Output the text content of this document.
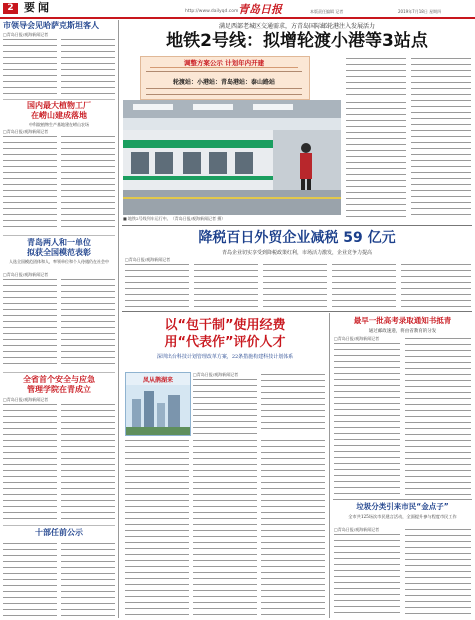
2 要闻	http://www.dailyqd.com 青岛日报	本版责任编辑 记者	2019年7月18日 星期四
市领导会见哈萨克斯坦客人
□青岛日报/观海新闻记者
国内最大植物工厂
在崂山建成落地
中科院植物生产基地建在崂山农场
□青岛日报/观海新闻记者
青岛两人和一单位
拟获全国模范表彰
人选全国模范团体和人，率领单位和个人待遇仍在社会中
□青岛日报/观海新闻记者
全省首个安全与应急
管理学院在青成立
□青岛日报/观海新闻记者
十部任前公示
满足西部老城区交通需求，方青岛国际邮轮港注入发展活力
地铁2号线：拟增轮渡小港等3站点
调整方案公示 计划年内开建
轮渡站：小港站：青岛港站：泰山路站
■ 地铁2号线列车运行中。（青岛日报/观海新闻记者 摄）
降税百日外贸企业减税 59 亿元
青岛企业切实享受到降税政策红利，市场活力激发，企业竞争力提高
□青岛日报/观海新闻记者
以“包干制”使用经费
用“代表作”评价人才
深圳出台科技计划管理改革方案，22条措施构建科技计划体系
凤从鹊湖来
□青岛日报/观海新闻记者
最早一批高考录取通知书抵青
通过邮政速递，将由省教育的分发
□青岛日报/观海新闻记者
垃圾分类引来市民“金点子”
全市共125场次市民建言活动，全面提升参与程度市民工作
□青岛日报/观海新闻记者
